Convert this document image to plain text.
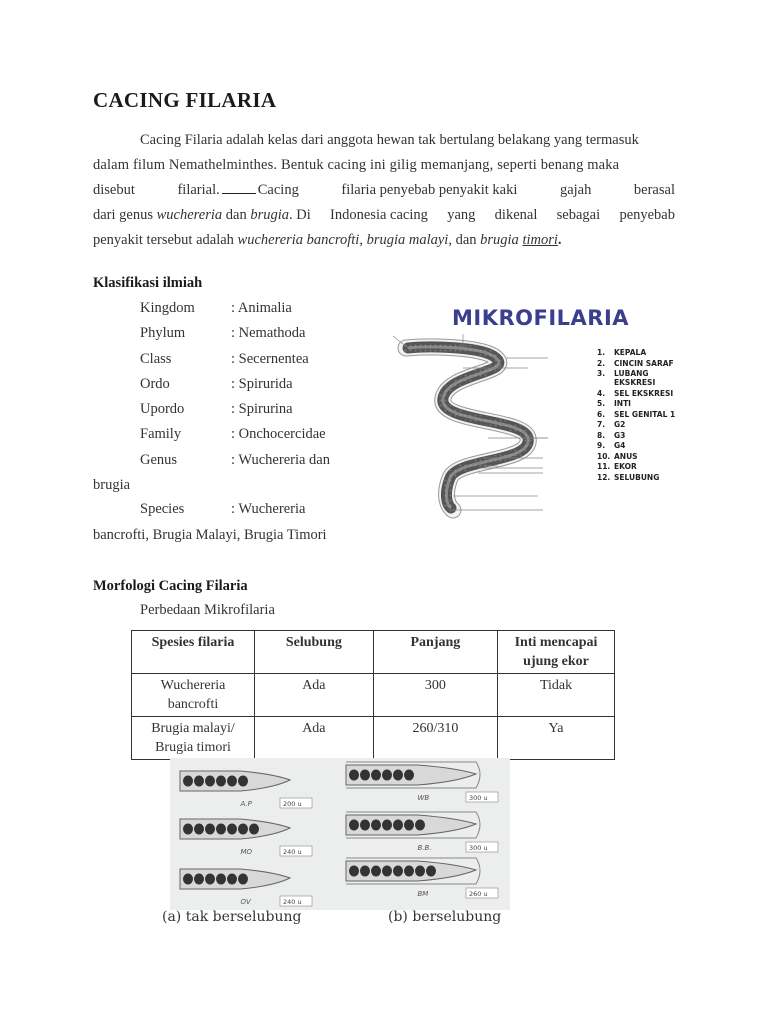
CACING FILARIA
Cacing Filaria adalah kelas dari anggota hewan tak bertulang belakang yang termasuk
dalam filum Nemathelminthes. Bentuk cacing ini gilig memanjang, seperti benang maka
disebut	filarial.	Cacing	filaria penyebab penyakit kaki	gajah	berasal
dari genus wuchereria dan brugia. Di Indonesia cacing yang dikenal sebagai penyebab
penyakit tersebut adalah wuchereria bancrofti, brugia malayi, dan brugia timori.
Klasifikasi ilmiah
Kingdom : Animalia
Phylum	: Nemathoda
Class	: Secernentea
Ordo	: Spirurida
Upordo	: Spirurina
Family	: Onchocercidae
Genus	: Wuchereria dan
brugia
Species	: Wuchereria
bancrofti, Brugia Malayi, Brugia Timori
MIKROFILARIA
1. KEPALA
2. CINCIN SARAF
3. LUBANG
EKSKRESI
4. SEL EKSKRESI
5. INTI
6. SEL GENITAL 1
7. G2
8. G3
9. G4
10. ANUS
11. EKOR
12. SELUBUNG
Morfologi Cacing Filaria
Perbedaan Mikrofilaria
Spesies filaria	Selubung	Panjang	Inti mencapai ujung ekor
Wuchereria bancrofti	Ada	300	Tidak
Brugia malayi/ Brugia timori	Ada	260/310	Ya
A.P	200 u
MO	240 u
OV	240 u
WB	300 u
B.B.	300 u
BM	260 u
(a) tak berselubung	(b) berselubung
